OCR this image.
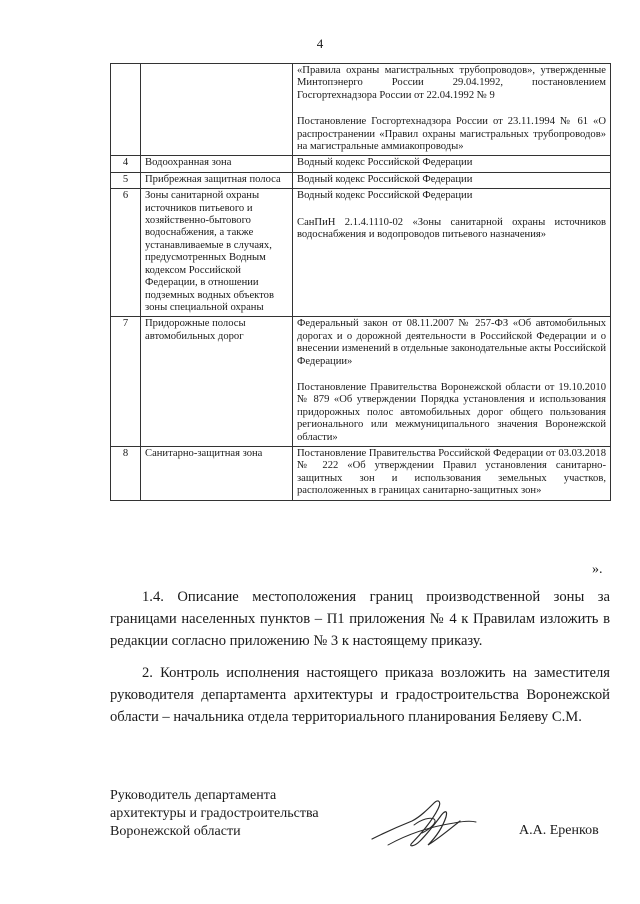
4

		«Правила охраны магистральных трубопроводов», утвержденные Минтопэнерго России 29.04.1992, постановлением Госгортехнадзора России от 22.04.1992 № 9

Постановление Госгортехнадзора России от 23.11.1994 № 61 «О распространении «Правил охраны магистральных трубопроводов» на магистральные аммиакопроводы»

4	Водоохранная зона	Водный кодекс Российской Федерации

5	Прибрежная защитная полоса	Водный кодекс Российской Федерации

6	Зоны санитарной охраны источников питьевого и хозяйственно-бытового водоснабжения, а также устанавливаемые в случаях, предусмотренных Водным кодексом Российской Федерации, в отношении подземных водных объектов зоны специальной охраны	Водный кодекс Российской Федерации

СанПиН 2.1.4.1110-02 «Зоны санитарной охраны источников водоснабжения и водопроводов питьевого назначения»

7	Придорожные полосы автомобильных дорог	Федеральный закон от 08.11.2007 № 257-ФЗ «Об автомобильных дорогах и о дорожной деятельности в Российской Федерации и о внесении изменений в отдельные законодательные акты Российской Федерации»

Постановление Правительства Воронежской области от 19.10.2010 № 879 «Об утверждении Порядка установления и использования придорожных полос автомобильных дорог общего пользования регионального или межмуниципального значения Воронежской области»

8	Санитарно-защитная зона	Постановление Правительства Российской Федерации от 03.03.2018 № 222 «Об утверждении Правил установления санитарно-защитных зон и использования земельных участков, расположенных в границах санитарно-защитных зон»

».

1.4. Описание местоположения границ производственной зоны за границами населенных пунктов – П1 приложения № 4 к Правилам изложить в редакции согласно приложению № 3 к настоящему приказу.

2. Контроль исполнения настоящего приказа возложить на заместителя руководителя департамента архитектуры и градостроительства Воронежской области – начальника отдела территориального планирования Беляеву С.М.

Руководитель департамента
архитектуры и градостроительства
Воронежской области	А.А. Еренков
